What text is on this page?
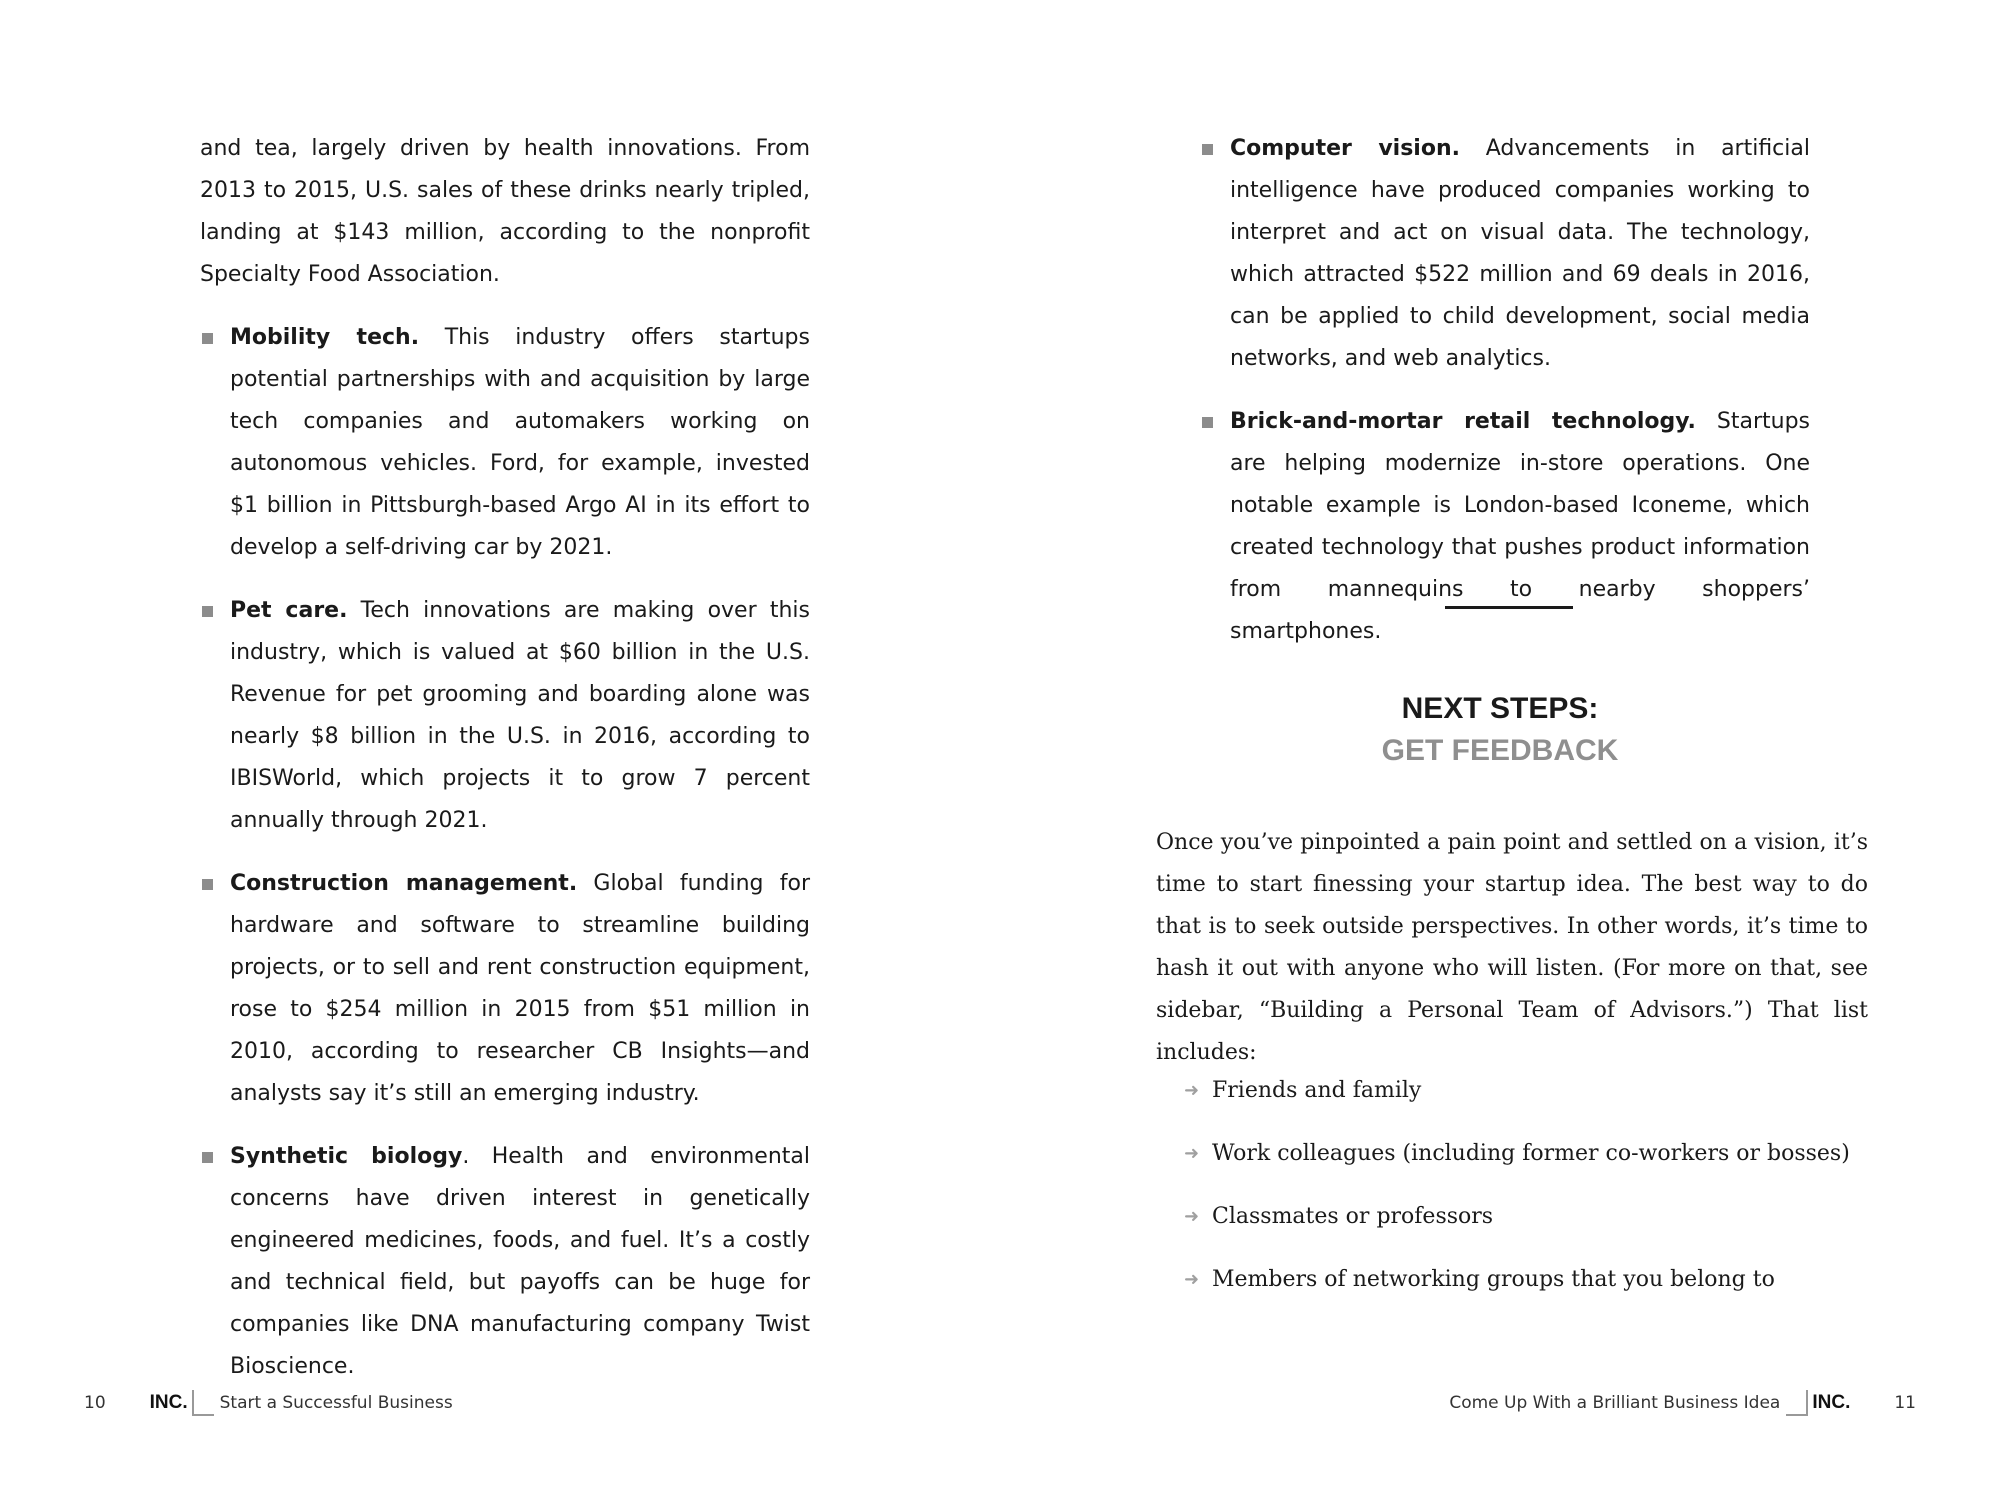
and tea, largely driven by health innovations. From 2013 to 2015, U.S. sales of these drinks nearly tripled, landing at $143 million, according to the nonprofit Specialty Food Association.

Mobility tech. This industry offers startups potential partnerships with and acquisition by large tech companies and automakers working on autonomous vehicles. Ford, for example, invested $1 billion in Pittsburgh-based Argo AI in its effort to develop a self-driving car by 2021.
Pet care. Tech innovations are making over this industry, which is valued at $60 billion in the U.S. Revenue for pet grooming and boarding alone was nearly $8 billion in the U.S. in 2016, according to IBISWorld, which projects it to grow 7 percent annually through 2021.
Construction management. Global funding for hardware and software to streamline building projects, or to sell and rent construction equipment, rose to $254 million in 2015 from $51 million in 2010, according to researcher CB Insights—and analysts say it’s still an emerging industry.
Synthetic biology. Health and environmental concerns have driven interest in genetically engineered medicines, foods, and fuel. It’s a costly and technical field, but payoffs can be huge for companies like DNA manufacturing company Twist Bioscience.
10 INC. Start a Successful Business
Computer vision. Advancements in artificial intelligence have produced companies working to interpret and act on visual data. The technology, which attracted $522 million and 69 deals in 2016, can be applied to child development, social media networks, and web analytics.
Brick-and-mortar retail technology. Startups are helping modernize in-store operations. One notable example is London-based Iconeme, which created technology that pushes product information from mannequins to nearby shoppers’ smartphones.
NEXT STEPS:
GET FEEDBACK

Once you’ve pinpointed a pain point and settled on a vision, it’s time to start finessing your startup idea. The best way to do that is to seek outside perspectives. In other words, it’s time to hash it out with anyone who will listen. (For more on that, see sidebar, “Building a Personal Team of Advisors.”) That list includes:

➜ Friends and family
➜ Work colleagues (including former co-workers or bosses)
➜ Classmates or professors
➜ Members of networking groups that you belong to
Come Up With a Brilliant Business Idea INC.	11
